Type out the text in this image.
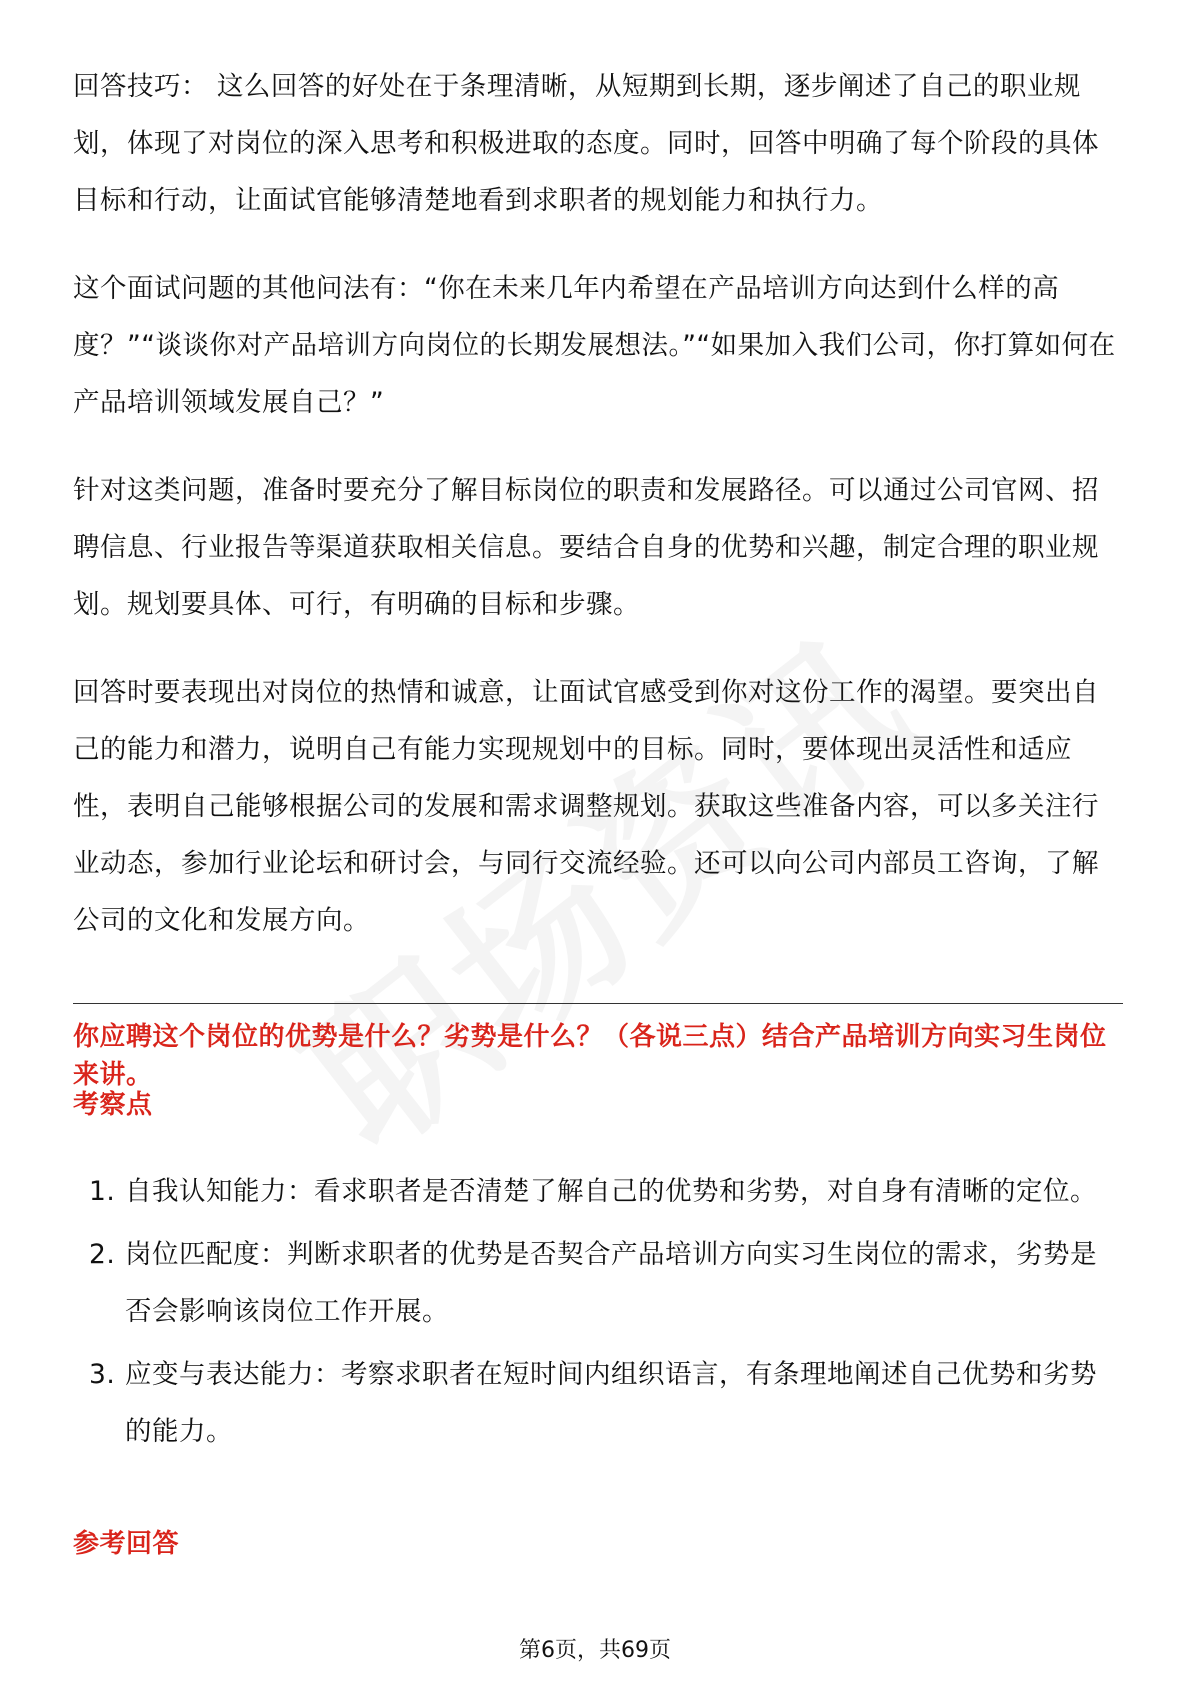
回答技巧： 这么回答的好处在于条理清晰，从短期到长期，逐步阐述了自己的职业规划，体现了对岗位的深入思考和积极进取的态度。同时，回答中明确了每个阶段的具体目标和行动，让面试官能够清楚地看到求职者的规划能力和执行力。

这个面试问题的其他问法有：“你在未来几年内希望在产品培训方向达到什么样的高度？”“谈谈你对产品培训方向岗位的长期发展想法。”“如果加入我们公司，你打算如何在产品培训领域发展自己？”

针对这类问题，准备时要充分了解目标岗位的职责和发展路径。可以通过公司官网、招聘信息、行业报告等渠道获取相关信息。要结合自身的优势和兴趣，制定合理的职业规划。规划要具体、可行，有明确的目标和步骤。

回答时要表现出对岗位的热情和诚意，让面试官感受到你对这份工作的渴望。要突出自己的能力和潜力，说明自己有能力实现规划中的目标。同时，要体现出灵活性和适应性，表明自己能够根据公司的发展和需求调整规划。获取这些准备内容，可以多关注行业动态，参加行业论坛和研讨会，与同行交流经验。还可以向公司内部员工咨询，了解公司的文化和发展方向。

你应聘这个岗位的优势是什么？劣势是什么？（各说三点）结合产品培训方向实习生岗位来讲。
考察点
1. 自我认知能力：看求职者是否清楚了解自己的优势和劣势，对自身有清晰的定位。
2. 岗位匹配度：判断求职者的优势是否契合产品培训方向实习生岗位的需求，劣势是否会影响该岗位工作开展。
3. 应变与表达能力：考察求职者在短时间内组织语言，有条理地阐述自己优势和劣势的能力。
参考回答
第6页，共69页
